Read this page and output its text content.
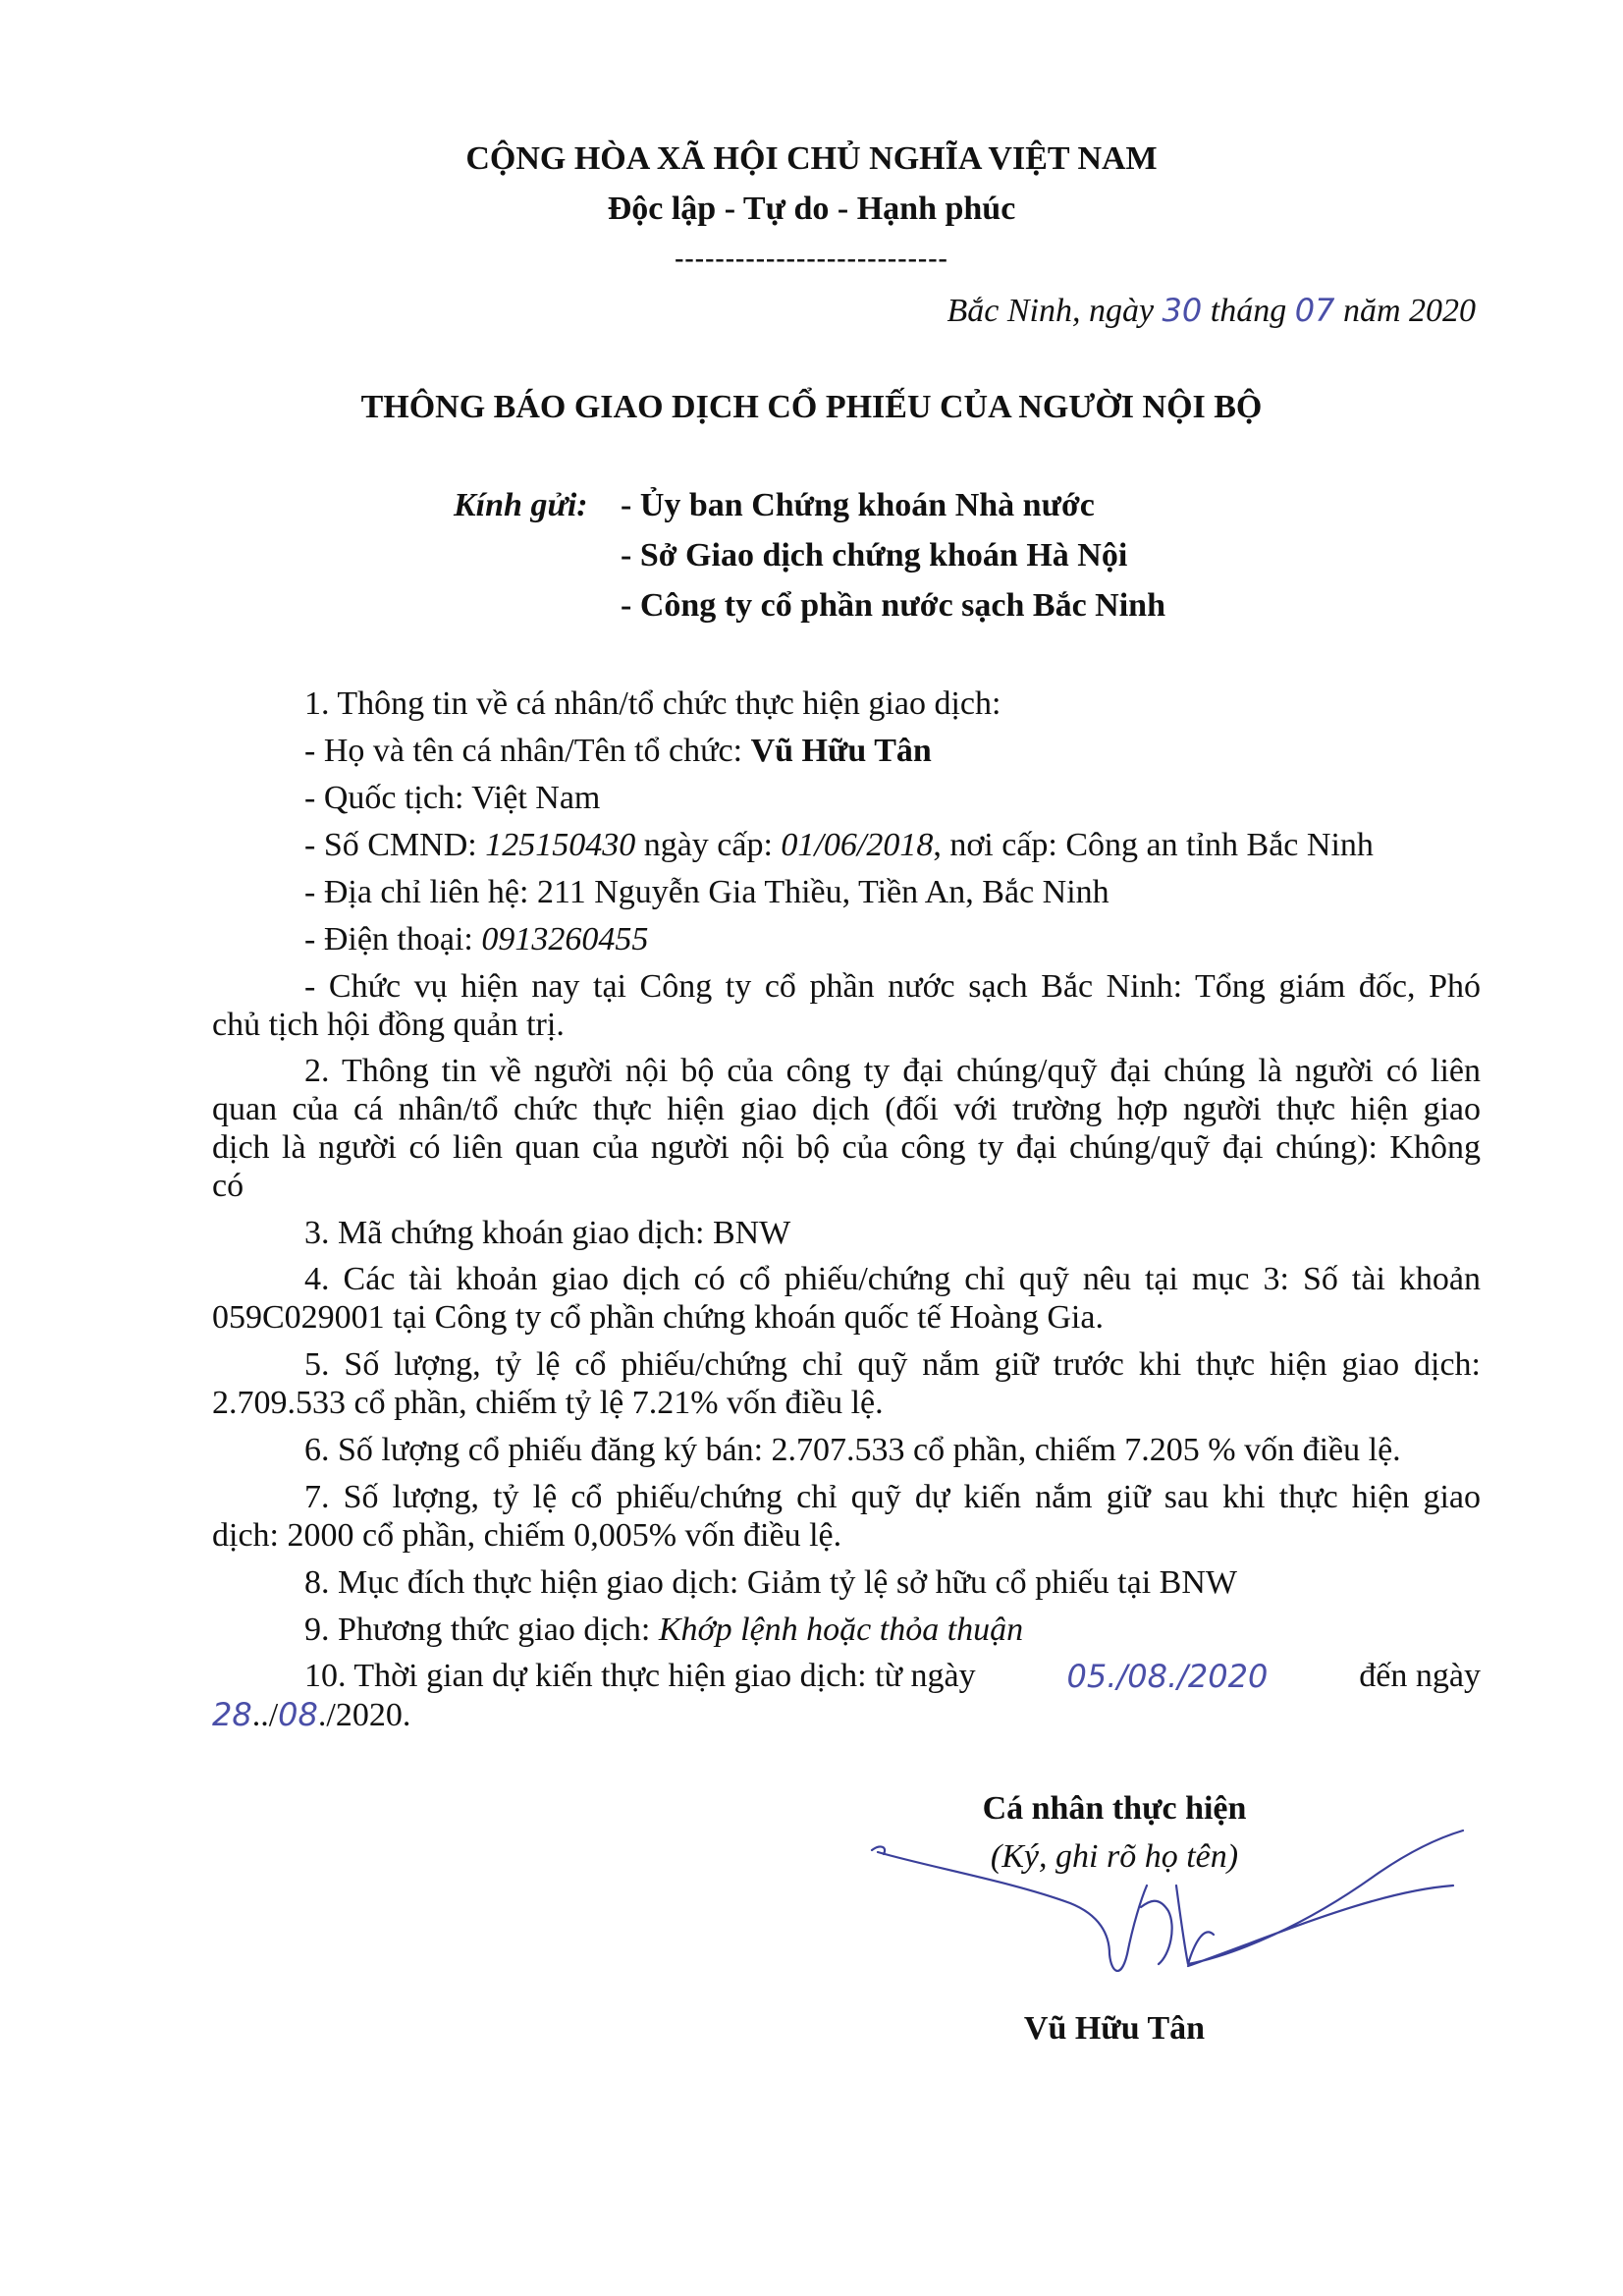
CỘNG HÒA XÃ HỘI CHỦ NGHĨA VIỆT NAM
Độc lập - Tự do - Hạnh phúc
---------------------------
Bắc Ninh, ngày 30 tháng 07 năm 2020
THÔNG BÁO GIAO DỊCH CỔ PHIẾU CỦA NGƯỜI NỘI BỘ
Kính gửi: - Ủy ban Chứng khoán Nhà nước
- Sở Giao dịch chứng khoán Hà Nội
- Công ty cổ phần nước sạch Bắc Ninh
1. Thông tin về cá nhân/tổ chức thực hiện giao dịch:
- Họ và tên cá nhân/Tên tổ chức: Vũ Hữu Tân
- Quốc tịch: Việt Nam
- Số CMND: 125150430 ngày cấp: 01/06/2018, nơi cấp: Công an tỉnh Bắc Ninh
- Địa chỉ liên hệ: 211 Nguyễn Gia Thiều, Tiền An, Bắc Ninh
- Điện thoại: 0913260455
- Chức vụ hiện nay tại Công ty cổ phần nước sạch Bắc Ninh: Tổng giám đốc, Phó
chủ tịch hội đồng quản trị.
2. Thông tin về người nội bộ của công ty đại chúng/quỹ đại chúng là người có liên
quan của cá nhân/tổ chức thực hiện giao dịch (đối với trường hợp người thực hiện giao
dịch là người có liên quan của người nội bộ của công ty đại chúng/quỹ đại chúng): Không
có
3. Mã chứng khoán giao dịch: BNW
4. Các tài khoản giao dịch có cổ phiếu/chứng chỉ quỹ nêu tại mục 3: Số tài khoản
059C029001 tại Công ty cổ phần chứng khoán quốc tế Hoàng Gia.
5. Số lượng, tỷ lệ cổ phiếu/chứng chỉ quỹ nắm giữ trước khi thực hiện giao dịch:
2.709.533 cổ phần, chiếm tỷ lệ 7.21% vốn điều lệ.
6. Số lượng cổ phiếu đăng ký bán: 2.707.533 cổ phần, chiếm 7.205 % vốn điều lệ.
7. Số lượng, tỷ lệ cổ phiếu/chứng chỉ quỹ dự kiến nắm giữ sau khi thực hiện giao
dịch: 2000 cổ phần, chiếm 0,005% vốn điều lệ.
8. Mục đích thực hiện giao dịch: Giảm tỷ lệ sở hữu cổ phiếu tại BNW
9. Phương thức giao dịch: Khớp lệnh hoặc thỏa thuận
10. Thời gian dự kiến thực hiện giao dịch: từ ngày	05./08./2020	đến ngày
28../08./2020.
Cá nhân thực hiện
(Ký, ghi rõ họ tên)
Vũ Hữu Tân
